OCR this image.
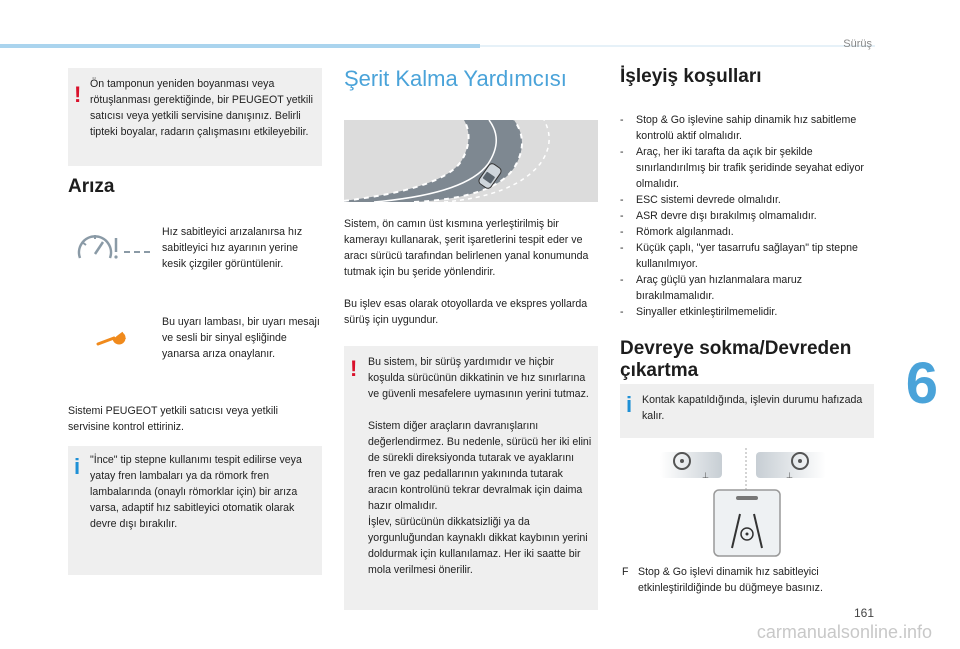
Sürüş
6
161
carmanualsonline.info
! Ön tamponun yeniden boyanması veya rötuşlanması gerektiğinde, bir PEUGEOT yetkili satıcısı veya yetkili servisine danışınız. Belirli tipteki boyalar, radarın çalışmasını etkileyebilir.
Arıza
Hız sabitleyici arızalanırsa hız sabitleyici hız ayarının yerine kesik çizgiler görüntülenir.
Bu uyarı lambası, bir uyarı mesajı ve sesli bir sinyal eşliğinde yanarsa arıza onaylanır.
Sistemi PEUGEOT yetkili satıcısı veya yetkili servisine kontrol ettiriniz.
i "İnce" tip stepne kullanımı tespit edilirse veya yatay fren lambaları ya da römork fren lambalarında (onaylı römorklar için) bir arıza varsa, adaptif hız sabitleyici otomatik olarak devre dışı bırakılır.
Şerit Kalma Yardımcısı
Sistem, ön camın üst kısmına yerleştirilmiş bir kamerayı kullanarak, şerit işaretlerini tespit eder ve aracı sürücü tarafından belirlenen yanal konumunda tutmak için bu şeride yönlendirir.
Bu işlev esas olarak otoyollarda ve ekspres yollarda sürüş için uygundur.
! Bu sistem, bir sürüş yardımıdır ve hiçbir koşulda sürücünün dikkatinin ve hız sınırlarına ve güvenli mesafelere uymasının yerini tutmaz.
Sistem diğer araçların davranışlarını değerlendirmez. Bu nedenle, sürücü her iki elini de sürekli direksiyonda tutarak ve ayaklarını fren ve gaz pedallarının yakınında tutarak aracın kontrolünü tekrar devralmak için daima hazır olmalıdır.
İşlev, sürücünün dikkatsizliği ya da yorgunluğundan kaynaklı dikkat kaybının yerini doldurmak için kullanılamaz. Her iki saatte bir mola verilmesi önerilir.
İşleyiş koşulları
- Stop & Go işlevine sahip dinamik hız sabitleme kontrolü aktif olmalıdır.
- Araç, her iki tarafta da açık bir şekilde sınırlandırılmış bir trafik şeridinde seyahat ediyor olmalıdır.
- ESC sistemi devrede olmalıdır.
- ASR devre dışı bırakılmış olmamalıdır.
- Römork algılanmadı.
- Küçük çaplı, "yer tasarrufu sağlayan" tip stepne kullanılmıyor.
- Araç güçlü yan hızlanmalara maruz bırakılmamalıdır.
- Sinyaller etkinleştirilmemelidir.
Devreye sokma/Devreden
çıkartma
i Kontak kapatıldığında, işlevin durumu hafızada kalır.
⊥	⊥
F Stop & Go işlevi dinamik hız sabitleyici etkinleştirildiğinde bu düğmeye basınız.
